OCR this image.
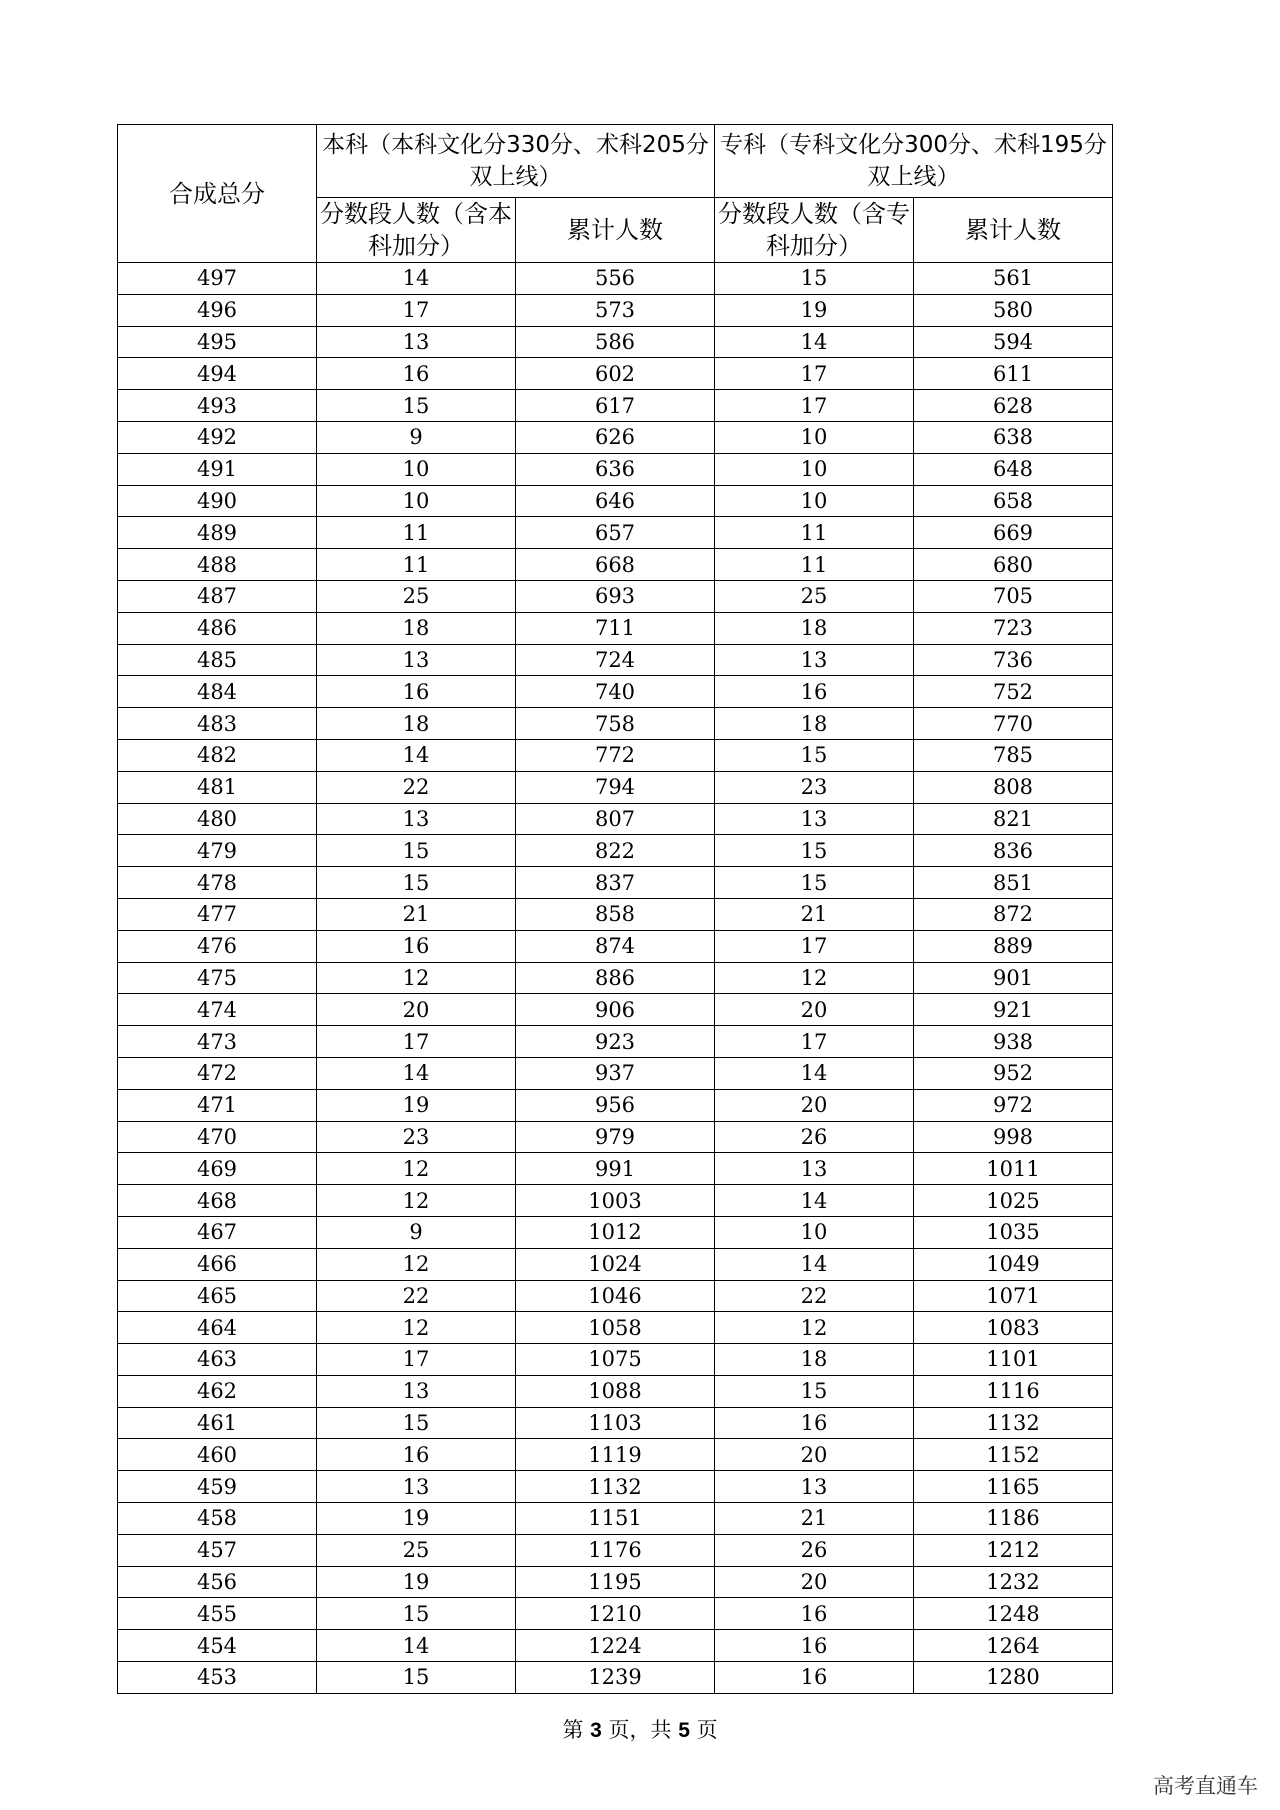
合成总分	本科（本科文化分330分、术科205分双上线）		专科（专科文化分300分、术科195分双上线）	
	分数段人数（含本科加分）	累计人数	分数段人数（含专科加分）	累计人数
497	14	556	15	561
496	17	573	19	580
495	13	586	14	594
494	16	602	17	611
493	15	617	17	628
492	9	626	10	638
491	10	636	10	648
490	10	646	10	658
489	11	657	11	669
488	11	668	11	680
487	25	693	25	705
486	18	711	18	723
485	13	724	13	736
484	16	740	16	752
483	18	758	18	770
482	14	772	15	785
481	22	794	23	808
480	13	807	13	821
479	15	822	15	836
478	15	837	15	851
477	21	858	21	872
476	16	874	17	889
475	12	886	12	901
474	20	906	20	921
473	17	923	17	938
472	14	937	14	952
471	19	956	20	972
470	23	979	26	998
469	12	991	13	1011
468	12	1003	14	1025
467	9	1012	10	1035
466	12	1024	14	1049
465	22	1046	22	1071
464	12	1058	12	1083
463	17	1075	18	1101
462	13	1088	15	1116
461	15	1103	16	1132
460	16	1119	20	1152
459	13	1132	13	1165
458	19	1151	21	1186
457	25	1176	26	1212
456	19	1195	20	1232
455	15	1210	16	1248
454	14	1224	16	1264
453	15	1239	16	1280
第 3 页，共 5 页
高考直通车
